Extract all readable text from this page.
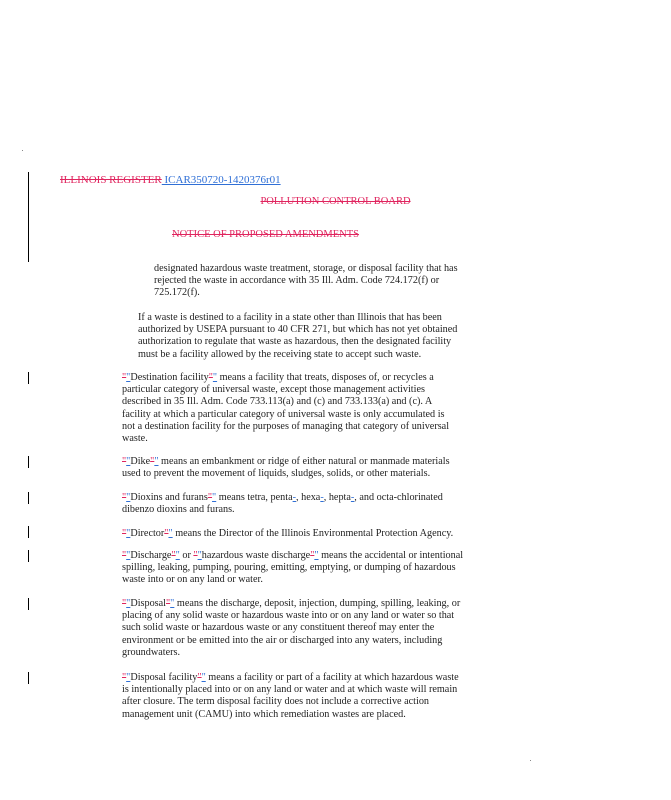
ILLINOIS REGISTER ICAR350720-1420376r01
POLLUTION CONTROL BOARD
NOTICE OF PROPOSED AMENDMENTS

designated hazardous waste treatment, storage, or disposal facility that has rejected the waste in accordance with 35 Ill. Adm. Code 724.172(f) or 725.172(f).

If a waste is destined to a facility in a state other than Illinois that has been authorized by USEPA pursuant to 40 CFR 271, but which has not yet obtained authorization to regulate that waste as hazardous, then the designated facility must be a facility allowed by the receiving state to accept such waste.

""Destination facility"" means a facility that treats, disposes of, or recycles a particular category of universal waste, except those management activities described in 35 Ill. Adm. Code 733.113(a) and (c) and 733.133(a) and (c). A facility at which a particular category of universal waste is only accumulated is not a destination facility for the purposes of managing that category of universal waste.

""Dike"" means an embankment or ridge of either natural or manmade materials used to prevent the movement of liquids, sludges, solids, or other materials.

""Dioxins and furans"" means tetra, penta-, hexa-, hepta-, and octa-chlorinated dibenzo dioxins and furans.

""Director"" means the Director of the Illinois Environmental Protection Agency.

""Discharge"" or ""hazardous waste discharge"" means the accidental or intentional spilling, leaking, pumping, pouring, emitting, emptying, or dumping of hazardous waste into or on any land or water.

""Disposal"" means the discharge, deposit, injection, dumping, spilling, leaking, or placing of any solid waste or hazardous waste into or on any land or water so that such solid waste or hazardous waste or any constituent thereof may enter the environment or be emitted into the air or discharged into any waters, including groundwaters.

""Disposal facility"" means a facility or part of a facility at which hazardous waste is intentionally placed into or on any land or water and at which waste will remain after closure. The term disposal facility does not include a corrective action management unit (CAMU) into which remediation wastes are placed.
